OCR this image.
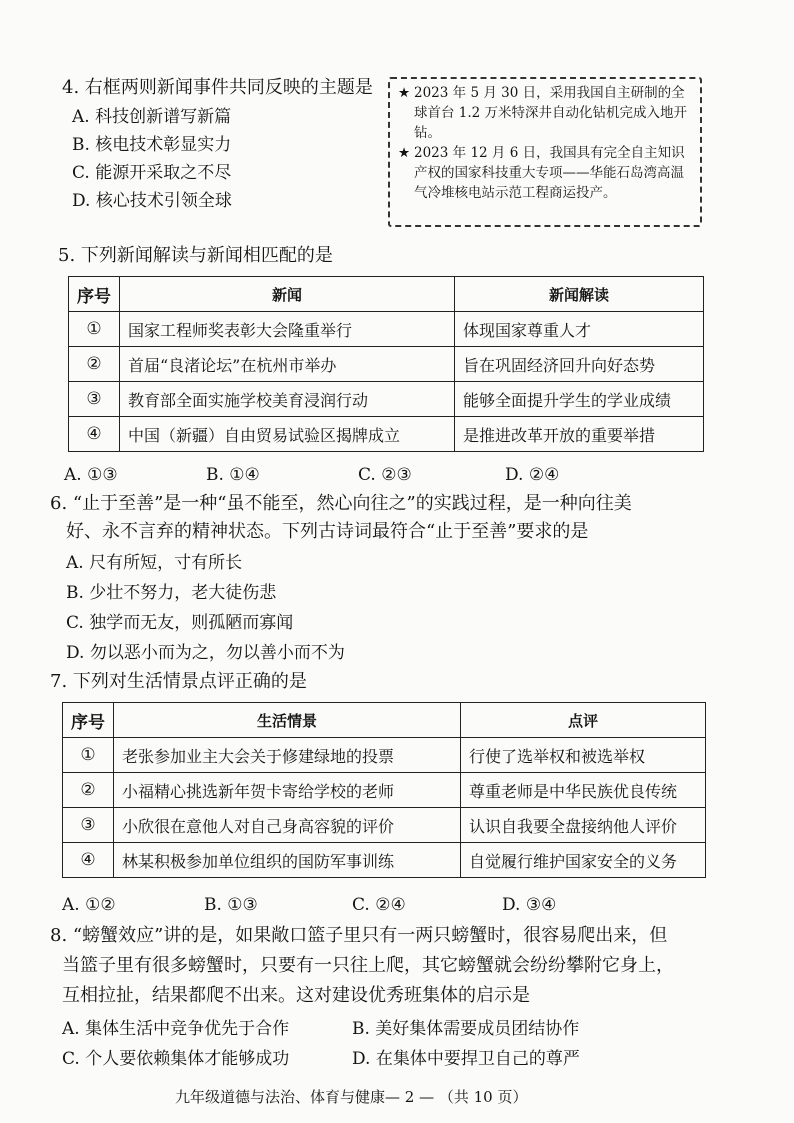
4. 右框两则新闻事件共同反映的主题是
A. 科技创新谱写新篇
B. 核电技术彰显实力
C. 能源开采取之不尽
D. 核心技术引领全球
★ 2023 年 5 月 30 日，采用我国自主研制的全球首台 1.2 万米特深井自动化钻机完成入地开钻。
★ 2023 年 12 月 6 日，我国具有完全自主知识产权的国家科技重大专项——华能石岛湾高温气冷堆核电站示范工程商运投产。
5. 下列新闻解读与新闻相匹配的是
序号	新闻	新闻解读
①	国家工程师奖表彰大会隆重举行	体现国家尊重人才
②	首届“良渚论坛”在杭州市举办	旨在巩固经济回升向好态势
③	教育部全面实施学校美育浸润行动	能够全面提升学生的学业成绩
④	中国（新疆）自由贸易试验区揭牌成立	是推进改革开放的重要举措
A. ①③	B. ①④	C. ②③	D. ②④
6. “止于至善”是一种“虽不能至，然心向往之”的实践过程，是一种向往美
好、永不言弃的精神状态。下列古诗词最符合“止于至善”要求的是
A. 尺有所短，寸有所长
B. 少壮不努力，老大徒伤悲
C. 独学而无友，则孤陋而寡闻
D. 勿以恶小而为之，勿以善小而不为
7. 下列对生活情景点评正确的是
序号	生活情景	点评
①	老张参加业主大会关于修建绿地的投票	行使了选举权和被选举权
②	小福精心挑选新年贺卡寄给学校的老师	尊重老师是中华民族优良传统
③	小欣很在意他人对自己身高容貌的评价	认识自我要全盘接纳他人评价
④	林某积极参加单位组织的国防军事训练	自觉履行维护国家安全的义务
A. ①②	B. ①③	C. ②④	D. ③④
8. “螃蟹效应”讲的是，如果敞口篮子里只有一两只螃蟹时，很容易爬出来，但
当篮子里有很多螃蟹时，只要有一只往上爬，其它螃蟹就会纷纷攀附它身上，
互相拉扯，结果都爬不出来。这对建设优秀班集体的启示是
A. 集体生活中竞争优先于合作	B. 美好集体需要成员团结协作
C. 个人要依赖集体才能够成功	D. 在集体中要捍卫自己的尊严
九年级道德与法治、体育与健康— 2 — （共 10 页）
